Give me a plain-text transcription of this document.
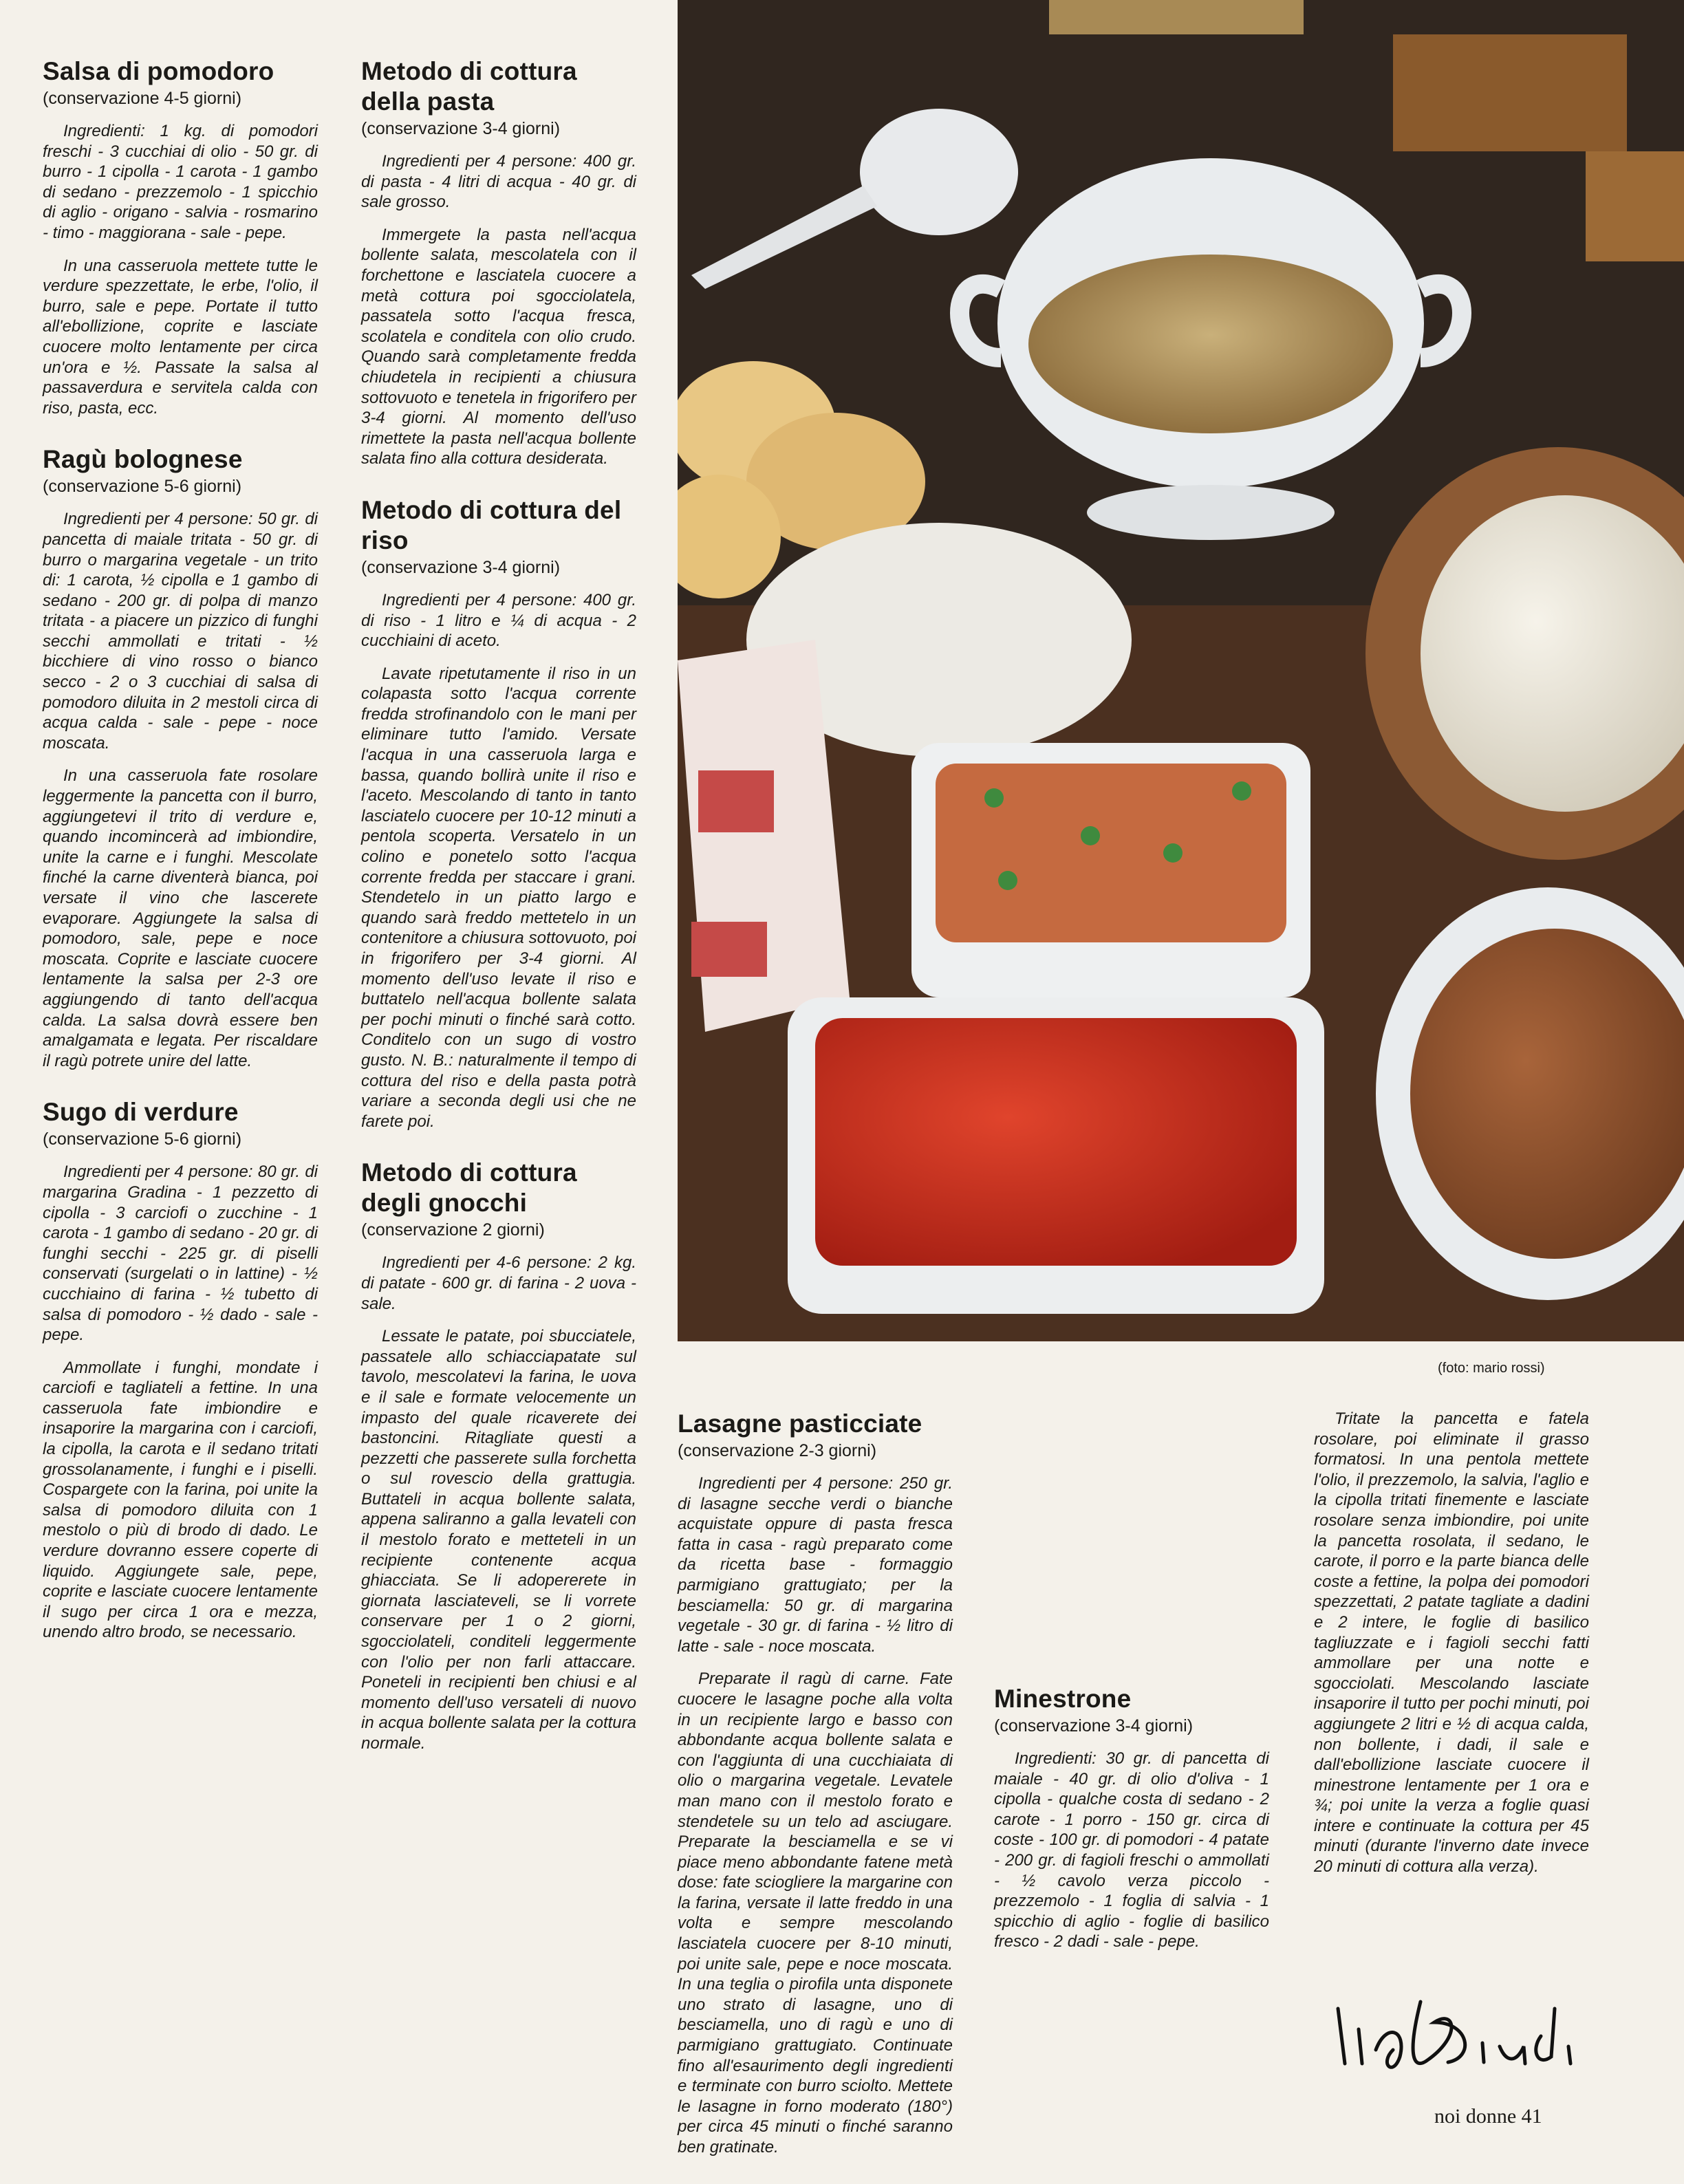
Salsa di pomodoro
(conservazione 4-5 giorni)

Ingredienti: 1 kg. di pomodori freschi - 3 cucchiai di olio - 50 gr. di burro - 1 cipolla - 1 carota - 1 gambo di sedano - prezzemolo - 1 spicchio di aglio - origano - salvia - rosmarino - timo - maggiorana - sale - pepe.

In una casseruola mettete tutte le verdure spezzettate, le erbe, l'olio, il burro, sale e pepe. Portate il tutto all'ebollizione, coprite e lasciate cuocere molto lentamente per circa un'ora e ½. Passate la salsa al passaverdura e servitela calda con riso, pasta, ecc.

Ragù bolognese
(conservazione 5-6 giorni)

Ingredienti per 4 persone: 50 gr. di pancetta di maiale tritata - 50 gr. di burro o margarina vegetale - un trito di: 1 carota, ½ cipolla e 1 gambo di sedano - 200 gr. di polpa di manzo tritata - a piacere un pizzico di funghi secchi ammollati e tritati - ½ bicchiere di vino rosso o bianco secco - 2 o 3 cucchiai di salsa di pomodoro diluita in 2 mestoli circa di acqua calda - sale - pepe - noce moscata.

In una casseruola fate rosolare leggermente la pancetta con il burro, aggiungetevi il trito di verdure e, quando incomincerà ad imbiondire, unite la carne e i funghi. Mescolate finché la carne diventerà bianca, poi versate il vino che lascerete evaporare. Aggiungete la salsa di pomodoro, sale, pepe e noce moscata. Coprite e lasciate cuocere lentamente la salsa per 2-3 ore aggiungendo di tanto dell'acqua calda. La salsa dovrà essere ben amalgamata e legata. Per riscaldare il ragù potrete unire del latte.

Sugo di verdure
(conservazione 5-6 giorni)

Ingredienti per 4 persone: 80 gr. di margarina Gradina - 1 pezzetto di cipolla - 3 carciofi o zucchine - 1 carota - 1 gambo di sedano - 20 gr. di funghi secchi - 225 gr. di piselli conservati (surgelati o in lattine) - ½ cucchiaino di farina - ½ tubetto di salsa di pomodoro - ½ dado - sale - pepe.

Ammollate i funghi, mondate i carciofi e tagliateli a fettine. In una casseruola fate imbiondire e insaporire la margarina con i carciofi, la cipolla, la carota e il sedano tritati grossolanamente, i funghi e i piselli. Cospargete con la farina, poi unite la salsa di pomodoro diluita con 1 mestolo o più di brodo di dado. Le verdure dovranno essere coperte di liquido. Aggiungete sale, pepe, coprite e lasciate cuocere lentamente il sugo per circa 1 ora e mezza, unendo altro brodo, se necessario.

Metodo di cottura della pasta
(conservazione 3-4 giorni)

Ingredienti per 4 persone: 400 gr. di pasta - 4 litri di acqua - 40 gr. di sale grosso.

Immergete la pasta nell'acqua bollente salata, mescolatela con il forchettone e lasciatela cuocere a metà cottura poi sgocciolatela, passatela sotto l'acqua fresca, scolatela e conditela con olio crudo. Quando sarà completamente fredda chiudetela in recipienti a chiusura sottovuoto e tenetela in frigorifero per 3-4 giorni. Al momento dell'uso rimettete la pasta nell'acqua bollente salata fino alla cottura desiderata.

Metodo di cottura del riso
(conservazione 3-4 giorni)

Ingredienti per 4 persone: 400 gr. di riso - 1 litro e ¼ di acqua - 2 cucchiaini di aceto.

Lavate ripetutamente il riso in un colapasta sotto l'acqua corrente fredda strofinandolo con le mani per eliminare tutto l'amido. Versate l'acqua in una casseruola larga e bassa, quando bollirà unite il riso e l'aceto. Mescolando di tanto in tanto lasciatelo cuocere per 10-12 minuti a pentola scoperta. Versatelo in un colino e ponetelo sotto l'acqua corrente fredda per staccare i grani. Stendetelo in un piatto largo e quando sarà freddo mettetelo in un contenitore a chiusura sottovuoto, poi in frigorifero per 3-4 giorni. Al momento dell'uso levate il riso e buttatelo nell'acqua bollente salata per pochi minuti o finché sarà cotto. Conditelo con un sugo di vostro gusto. N. B.: naturalmente il tempo di cottura del riso e della pasta potrà variare a seconda degli usi che ne farete poi.

Metodo di cottura degli gnocchi
(conservazione 2 giorni)

Ingredienti per 4-6 persone: 2 kg. di patate - 600 gr. di farina - 2 uova - sale.

Lessate le patate, poi sbucciatele, passatele allo schiacciapatate sul tavolo, mescolatevi la farina, le uova e il sale e formate velocemente un impasto del quale ricaverete dei bastoncini. Ritagliate questi a pezzetti che passerete sulla forchetta o sul rovescio della grattugia. Buttateli in acqua bollente salata, appena saliranno a galla levateli con il mestolo forato e metteteli in un recipiente contenente acqua ghiacciata. Se li adopererete in giornata lasciateveli, se li vorrete conservare per 1 o 2 giorni, sgocciolateli, conditeli leggermente con l'olio per non farli attaccare. Poneteli in recipienti ben chiusi e al momento dell'uso versateli di nuovo in acqua bollente salata per la cottura normale.

(foto: mario rossi)
Lasagne pasticciate
(conservazione 2-3 giorni)

Ingredienti per 4 persone: 250 gr. di lasagne secche verdi o bianche acquistate oppure di pasta fresca fatta in casa - ragù preparato come da ricetta base - formaggio parmigiano grattugiato; per la besciamella: 50 gr. di margarina vegetale - 30 gr. di farina - ½ litro di latte - sale - noce moscata.

Preparate il ragù di carne. Fate cuocere le lasagne poche alla volta in un recipiente largo e basso con abbondante acqua bollente salata e con l'aggiunta di una cucchiaiata di olio o margarina vegetale. Levatele man mano con il mestolo forato e stendetele su un telo ad asciugare. Preparate la besciamella e se vi piace meno abbondante fatene metà dose: fate sciogliere la margarine con la farina, versate il latte freddo in una volta e sempre mescolando lasciatela cuocere per 8-10 minuti, poi unite sale, pepe e noce moscata. In una teglia o pirofila unta disponete uno strato di lasagne, uno di besciamella, uno di ragù e uno di parmigiano grattugiato. Continuate fino all'esaurimento degli ingredienti e terminate con burro sciolto. Mettete le lasagne in forno moderato (180°) per circa 45 minuti o finché saranno ben gratinate.

Minestrone
(conservazione 3-4 giorni)

Ingredienti: 30 gr. di pancetta di maiale - 40 gr. di olio d'oliva - 1 cipolla - qualche costa di sedano - 2 carote - 1 porro - 150 gr. circa di coste - 100 gr. di pomodori - 4 patate - 200 gr. di fagioli freschi o ammollati - ½ cavolo verza piccolo - prezzemolo - 1 foglia di salvia - 1 spicchio di aglio - foglie di basilico fresco - 2 dadi - sale - pepe.

Tritate la pancetta e fatela rosolare, poi eliminate il grasso formatosi. In una pentola mettete l'olio, il prezzemolo, la salvia, l'aglio e la cipolla tritati finemente e lasciate rosolare senza imbiondire, poi unite la pancetta rosolata, il sedano, le carote, il porro e la parte bianca delle coste a fettine, la polpa dei pomodori spezzettati, 2 patate tagliate a dadini e 2 intere, le foglie di basilico tagliuzzate e i fagioli secchi fatti ammollare per una notte e sgocciolati. Mescolando lasciate insaporire il tutto per pochi minuti, poi aggiungete 2 litri e ½ di acqua calda, non bollente, i dadi, il sale e dall'ebollizione lasciate cuocere il minestrone lentamente per 1 ora e ¾; poi unite la verza a foglie quasi intere e continuate la cottura per 45 minuti (durante l'inverno date invece 20 minuti di cottura alla verza).

noi donne 41
